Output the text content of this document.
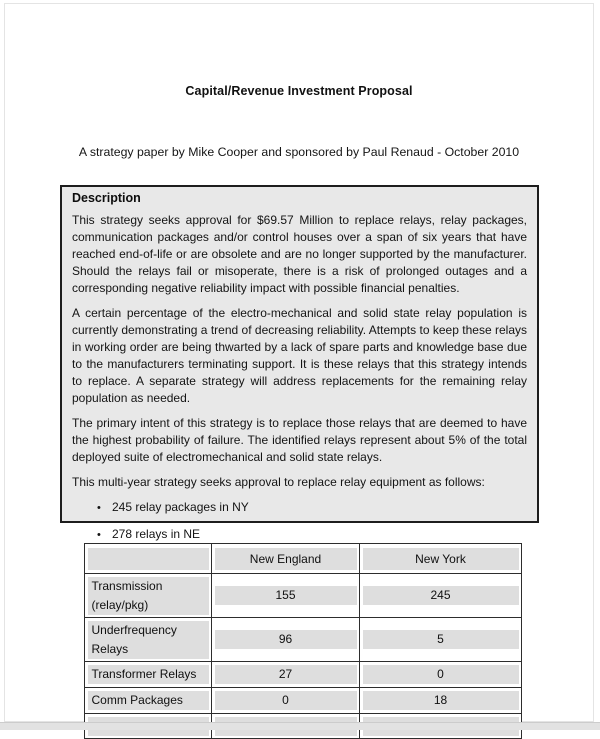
Capital/Revenue Investment Proposal
A strategy paper by Mike Cooper and sponsored by Paul Renaud - October 2010
Description

This strategy seeks approval for $69.57 Million to replace relays, relay packages, communication packages and/or control houses over a span of six years that have reached end-of-life or are obsolete and are no longer supported by the manufacturer. Should the relays fail or misoperate, there is a risk of prolonged outages and a corresponding negative reliability impact with possible financial penalties.

A certain percentage of the electro-mechanical and solid state relay population is currently demonstrating a trend of decreasing reliability. Attempts to keep these relays in working order are being thwarted by a lack of spare parts and knowledge base due to the manufacturers terminating support. It is these relays that this strategy intends to replace. A separate strategy will address replacements for the remaining relay population as needed.

The primary intent of this strategy is to replace those relays that are deemed to have the highest probability of failure. The identified relays represent about 5% of the total deployed suite of electromechanical and solid state relays.

This multi-year strategy seeks approval to replace relay equipment as follows:

• 245 relay packages in NY
• 278 relays in NE

	New England	New York

Transmission (relay/pkg)	155	245

Underfrequency Relays	96	5

Transformer Relays	27	0

Comm Packages	0	18
